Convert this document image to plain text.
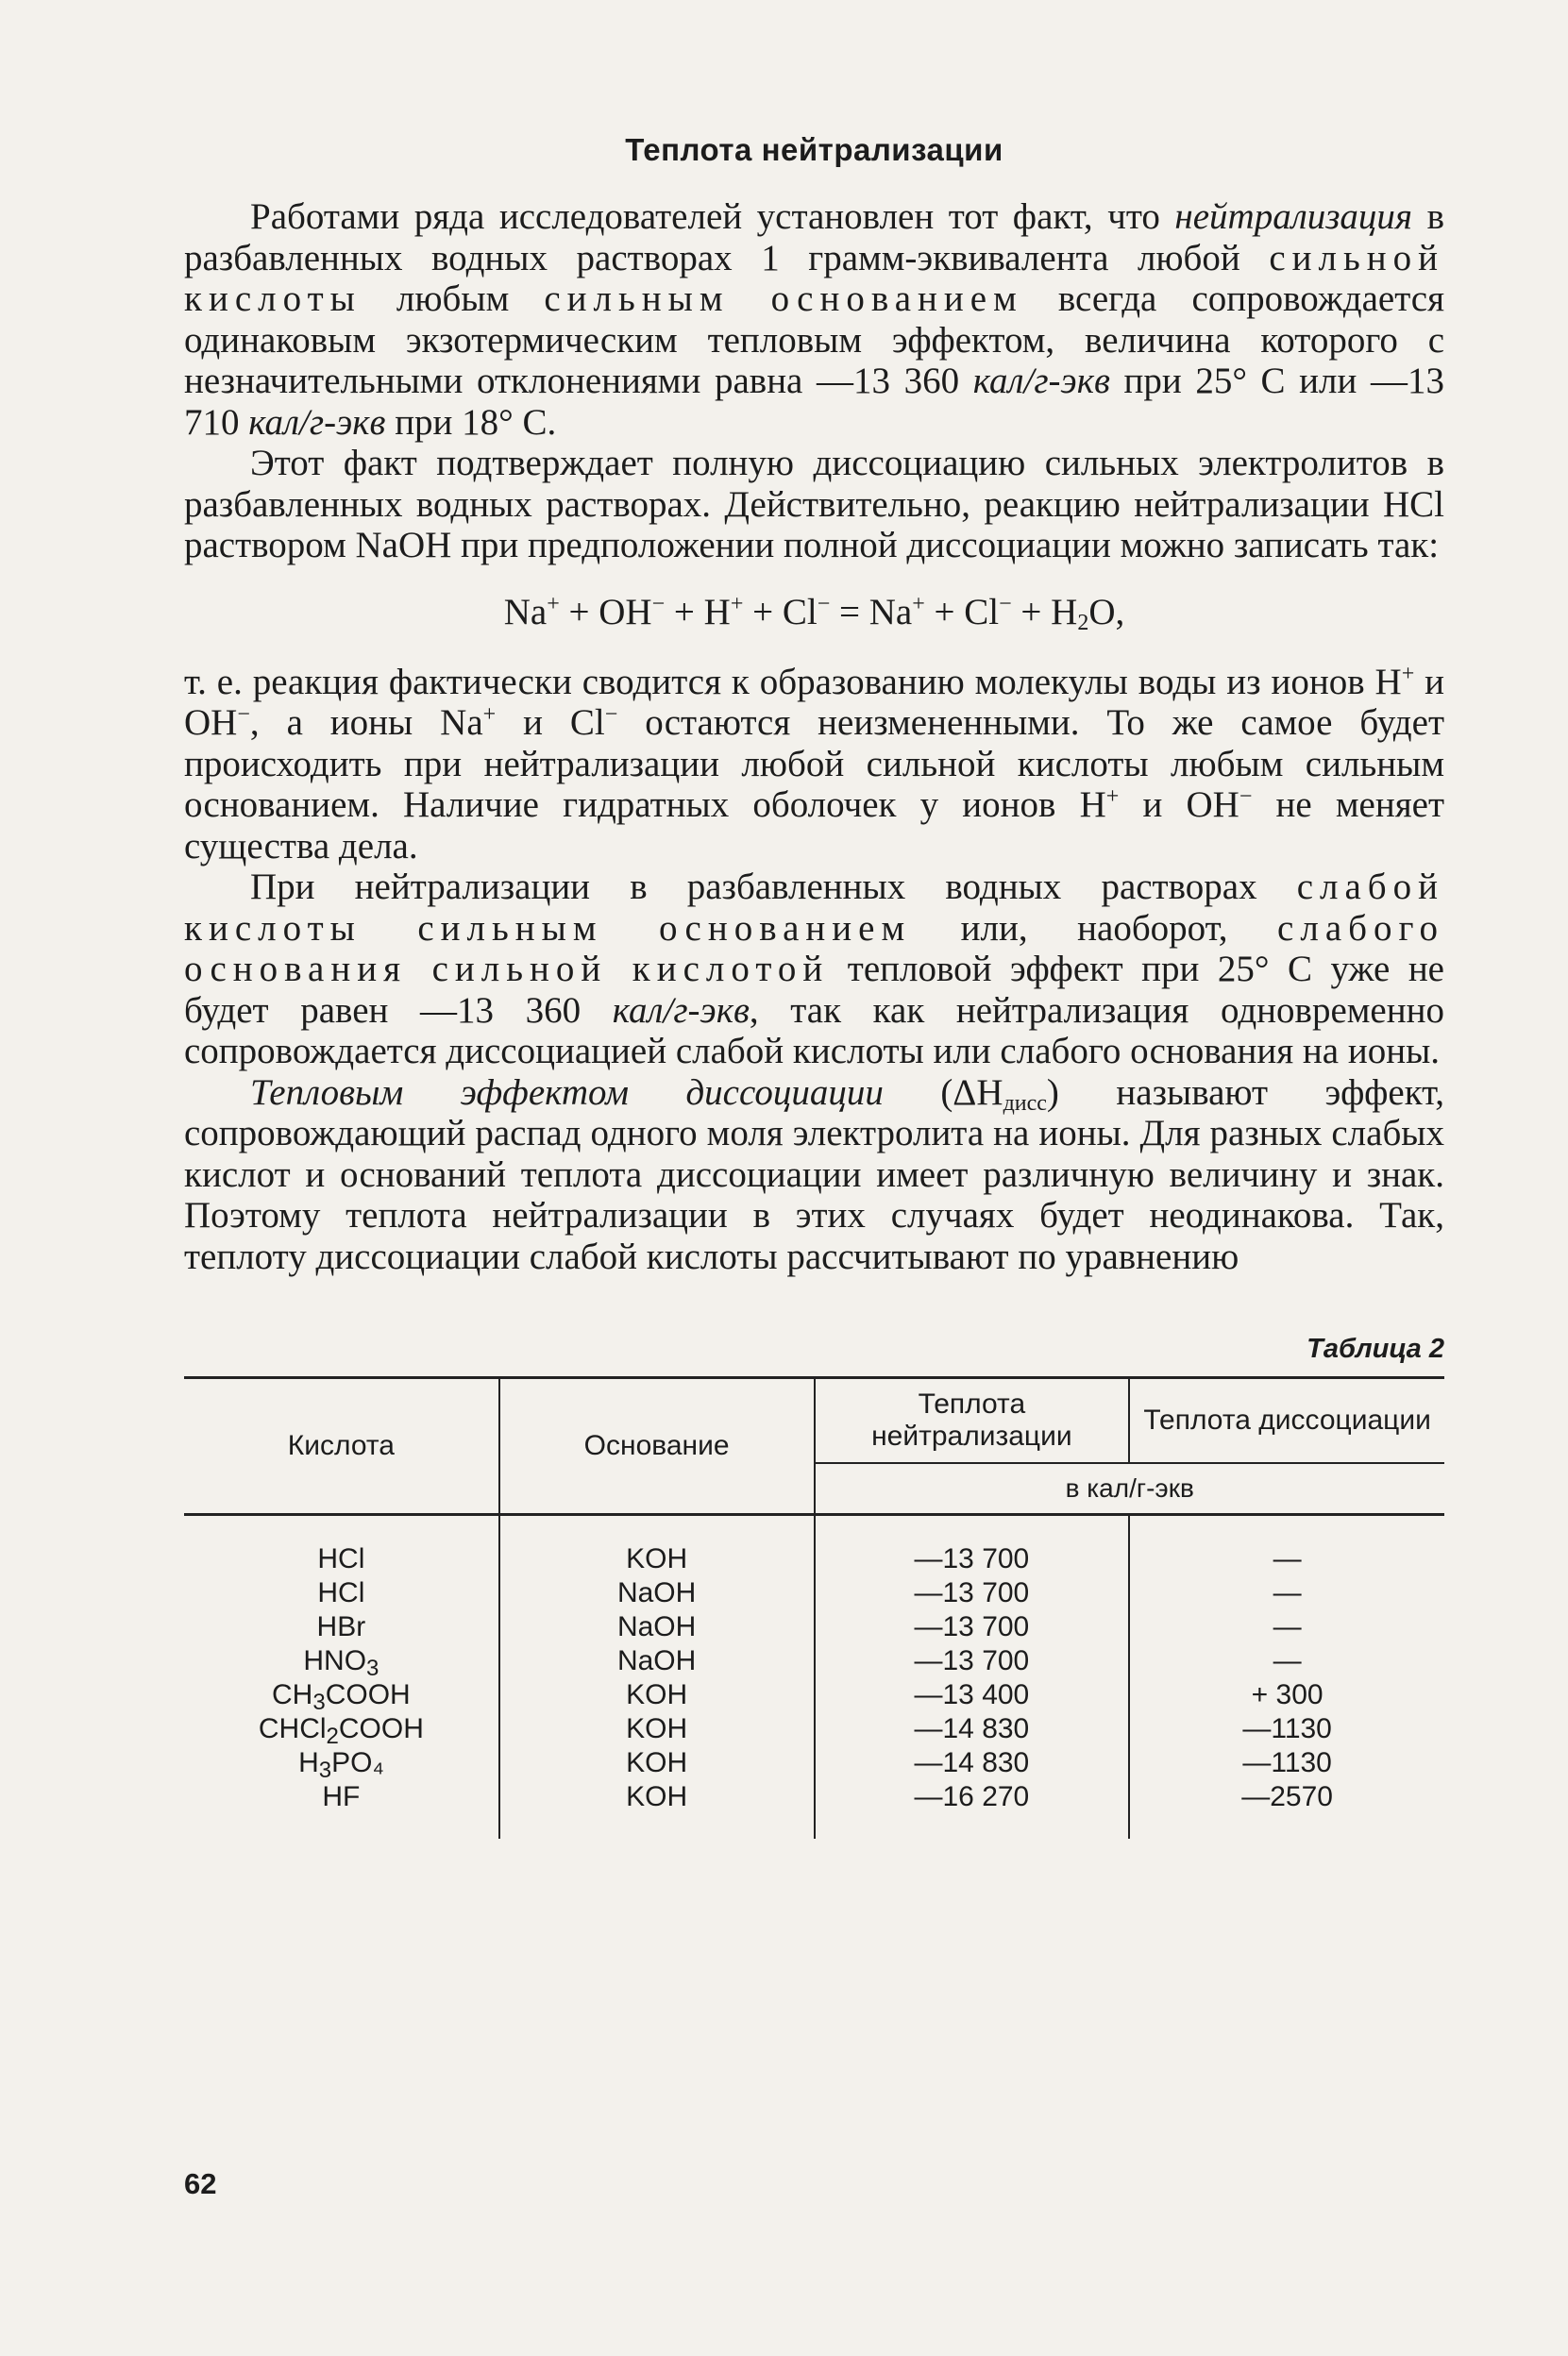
Теплота нейтрализации

Работами ряда исследователей установлен тот факт, что нейтрализация в разбавленных водных растворах 1 грамм-эквивалента любой сильной кислоты любым сильным основанием всегда сопровождается одинаковым экзотермическим тепловым эффектом, величина которого с незначительными отклонениями равна —13 360 кал/г-экв при 25° С или —13 710 кал/г-экв при 18° С.

Этот факт подтверждает полную диссоциацию сильных электролитов в разбавленных водных растворах. Действительно, реакцию нейтрализации HCl раствором NaOH при предположении полной диссоциации можно записать так:

$Na^+ + OH^- + H^+ + Cl^- = Na^+ + Cl^- + H_2O$,

т. е. реакция фактически сводится к образованию молекулы воды из ионов H+ и OH−, а ионы Na+ и Cl− остаются неизмененными. То же самое будет происходить при нейтрализации любой сильной кислоты любым сильным основанием. Наличие гидратных оболочек у ионов H+ и OH− не меняет существа дела.

При нейтрализации в разбавленных водных растворах слабой кислоты сильным основанием или, наоборот, слабого основания сильной кислотой тепловой эффект при 25° С уже не будет равен —13 360 кал/г-экв, так как нейтрализация одновременно сопровождается диссоциацией слабой кислоты или слабого основания на ионы.

Тепловым эффектом диссоциации $(\Delta H_{дисс})$ называют эффект, сопровождающий распад одного моля электролита на ионы. Для разных слабых кислот и оснований теплота диссоциации имеет различную величину и знак. Поэтому теплота нейтрализации в этих случаях будет неодинакова. Так, теплоту диссоциации слабой кислоты рассчитывают по уравнению

Таблица 2
Кислота	Основание	Теплота нейтрализации	Теплота диссоциации
		в кал/г-экв	
HCl	KOH	—13 700	—
HCl	NaOH	—13 700	—
HBr	NaOH	—13 700	—
$HNO_3$	NaOH	—13 700	—
$CH_3COOH$	KOH	—13 400	+ 300
CHCl$_2$COOH	KOH	—14 830	—1130
$H_3PO_4$	KOH	—14 830	—1130
HF	KOH	—16 270	—2570
62
